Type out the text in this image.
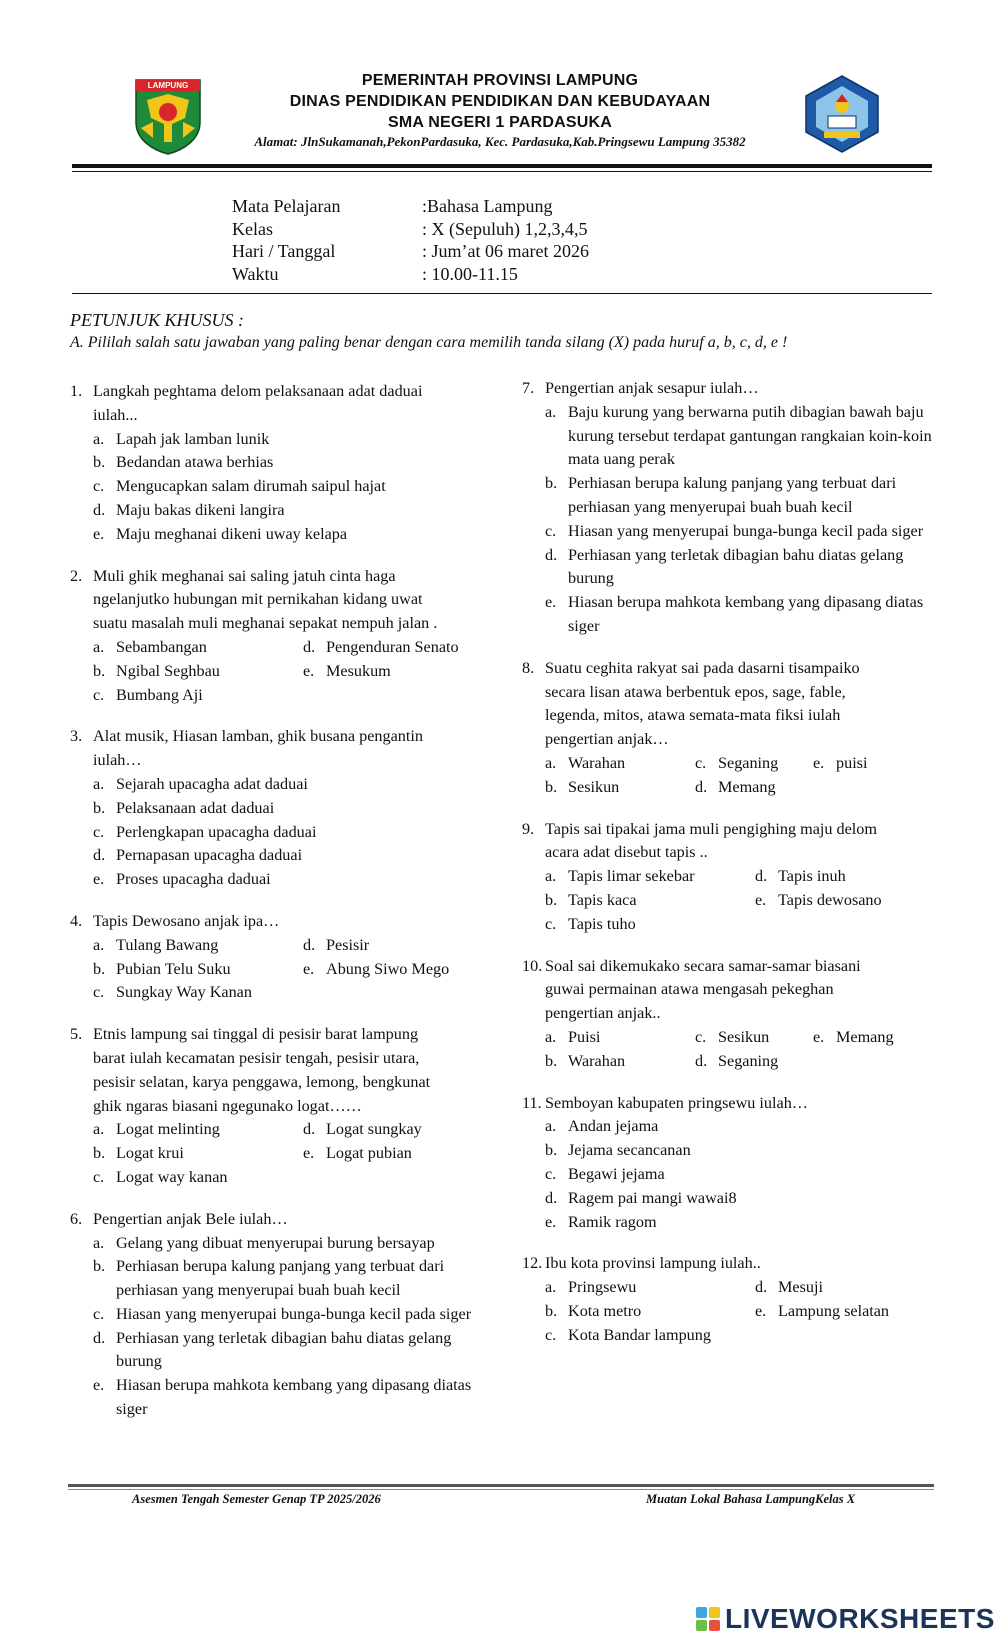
LAMPUNG	PEMERINTAH PROVINSI LAMPUNG
DINAS PENDIDIKAN PENDIDIKAN DAN KEBUDAYAAN
SMA NEGERI 1 PARDASUKA
Alamat: JlnSukamanah,PekonPardasuka, Kec. Pardasuka,Kab.Pringsewu Lampung 35382
Mata Pelajaran	:Bahasa Lampung
Kelas	: X (Sepuluh) 1,2,3,4,5
Hari / Tanggal	: Jum’at 06 maret 2026
Waktu	: 10.00-11.15
PETUNJUK KHUSUS :
A. Pililah salah satu jawaban yang paling benar dengan cara memilih tanda silang (X) pada huruf a, b, c, d, e !
1. Langkah peghtama delom pelaksanaan adat daduai
iulah...
a. Lapah jak lamban lunik
b. Bedandan atawa berhias
c. Mengucapkan salam dirumah saipul hajat
d. Maju bakas dikeni langira
e. Maju meghanai dikeni uway kelapa
2. Muli ghik meghanai sai saling jatuh cinta haga
ngelanjutko hubungan mit pernikahan kidang uwat
suatu masalah muli meghanai sepakat nempuh jalan .
a. Sebambangan	d. Pengenduran Senato
b. Ngibal Seghbau	e. Mesukum
c. Bumbang Aji
3. Alat musik, Hiasan lamban, ghik busana pengantin
iulah…
a. Sejarah upacagha adat daduai
b. Pelaksanaan adat daduai
c. Perlengkapan upacagha daduai
d. Pernapasan upacagha daduai
e. Proses upacagha daduai
4. Tapis Dewosano anjak ipa…
a. Tulang Bawang	d. Pesisir
b. Pubian Telu Suku	e. Abung Siwo Mego
c. Sungkay Way Kanan
5. Etnis lampung sai tinggal di pesisir barat lampung
barat iulah kecamatan pesisir tengah, pesisir utara,
pesisir selatan, karya penggawa, lemong, bengkunat
ghik ngaras biasani ngegunako logat……
a. Logat melinting	d. Logat sungkay
b. Logat krui	e. Logat pubian
c. Logat way kanan
6. Pengertian anjak Bele iulah…
a. Gelang yang dibuat menyerupai burung bersayap
b. Perhiasan berupa kalung panjang yang terbuat dari perhiasan yang menyerupai buah buah kecil
c. Hiasan yang menyerupai bunga-bunga kecil pada siger
d. Perhiasan yang terletak dibagian bahu diatas gelang burung
e. Hiasan berupa mahkota kembang yang dipasang diatas siger
7. Pengertian anjak sesapur iulah…
a. Baju kurung yang berwarna putih dibagian bawah baju kurung tersebut terdapat gantungan rangkaian koin-koin mata uang perak
b. Perhiasan berupa kalung panjang yang terbuat dari perhiasan yang menyerupai buah buah kecil
c. Hiasan yang menyerupai bunga-bunga kecil pada siger
d. Perhiasan yang terletak dibagian bahu diatas gelang burung
e. Hiasan berupa mahkota kembang yang dipasang diatas siger
8. Suatu ceghita rakyat sai pada dasarni tisampaiko
secara lisan atawa berbentuk epos, sage, fable,
legenda, mitos, atawa semata-mata fiksi iulah
pengertian anjak…
a. Warahan	c. Seganing e. puisi
b. Sesikun	d. Memang
9. Tapis sai tipakai jama muli pengighing maju delom
acara adat disebut tapis ..
a. Tapis limar sekebar	d. Tapis inuh
b. Tapis kaca	e. Tapis dewosano
c. Tapis tuho
10. Soal sai dikemukako secara samar-samar biasani
guwai permainan atawa mengasah pekeghan
pengertian anjak..
a. Puisi	c. Sesikun	e. Memang
b. Warahan	d. Seganing
11. Semboyan kabupaten pringsewu iulah…
a. Andan jejama
b. Jejama secancanan
c. Begawi jejama
d. Ragem pai mangi wawai8
e. Ramik ragom
12. Ibu kota provinsi lampung iulah..
a. Pringsewu	d. Mesuji
b. Kota metro	e. Lampung selatan
c. Kota Bandar lampung
Asesmen Tengah Semester Genap TP 2025/2026	Muatan Lokal Bahasa LampungKelas X
LIVEWORKSHEETS
